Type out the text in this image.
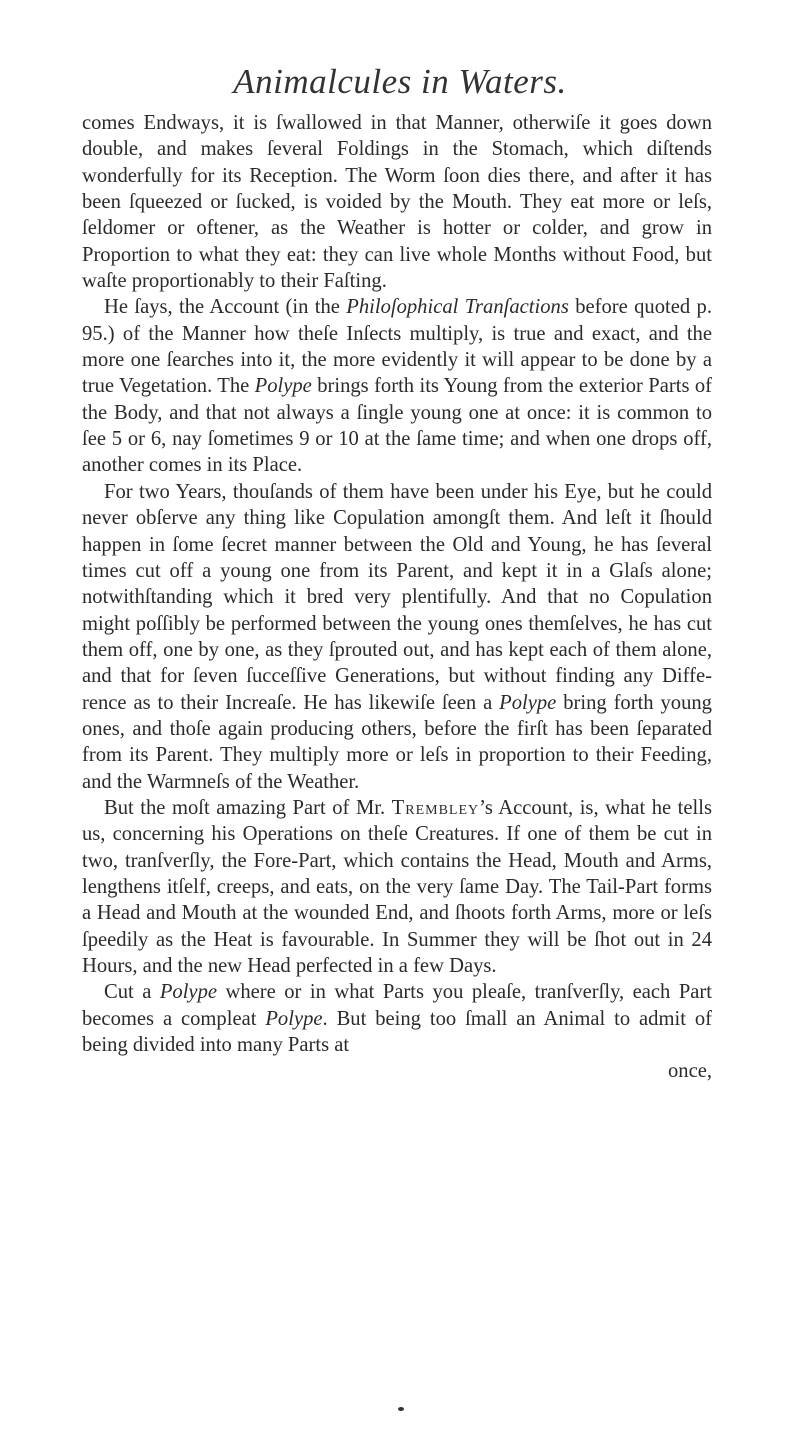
Animalcules in Waters.

comes Endways, it is ſwallowed in that Manner, otherwiſe it goes down double, and makes ſeveral Foldings in the Stomach, which diſtends wonderfully for its Reception. The Worm ſoon dies there, and after it has been ſqueezed or ſucked, is voided by the Mouth. They eat more or leſs, ſeldomer or oftener, as the Weather is hotter or colder, and grow in Proportion to what they eat: they can live whole Months without Food, but waſte proportionably to their Faſting.

He ſays, the Account (in the Philoſophical Tranſactions before quoted p. 95.) of the Manner how theſe Inſects multiply, is true and exact, and the more one ſearches into it, the more evidently it will appear to be done by a true Vegetation. The Polype brings forth its Young from the exterior Parts of the Body, and that not always a ſingle young one at once: it is common to ſee 5 or 6, nay ſometimes 9 or 10 at the ſame time; and when one drops off, another comes in its Place.

For two Years, thouſands of them have been under his Eye, but he could never obſerve any thing like Copulation amongſt them. And leſt it ſhould happen in ſome ſecret manner between the Old and Young, he has ſeveral times cut off a young one from its Parent, and kept it in a Glaſs alone; notwithſtanding which it bred very plentifully. And that no Copulation might poſſibly be performed between the young ones themſelves, he has cut them off, one by one, as they ſprouted out, and has kept each of them alone, and that for ſeven ſucceſſive Generations, but without finding any Difference as to their Increaſe. He has likewiſe ſeen a Polype bring forth young ones, and thoſe again producing others, before the firſt has been ſeparated from its Parent. They multiply more or leſs in proportion to their Feeding, and the Warmneſs of the Weather.

But the moſt amazing Part of Mr. Trembley’s Account, is, what he tells us, concerning his Operations on theſe Creatures. If one of them be cut in two, tranſverſly, the Fore-Part, which contains the Head, Mouth and Arms, lengthens itſelf, creeps, and eats, on the very ſame Day. The Tail-Part forms a Head and Mouth at the wounded End, and ſhoots forth Arms, more or leſs ſpeedily as the Heat is favourable. In Summer they will be ſhot out in 24 Hours, and the new Head perfected in a few Days.

Cut a Polype where or in what Parts you pleaſe, tranſverſly, each Part becomes a compleat Polype. But being too ſmall an Animal to admit of being divided into many Parts at

once,
